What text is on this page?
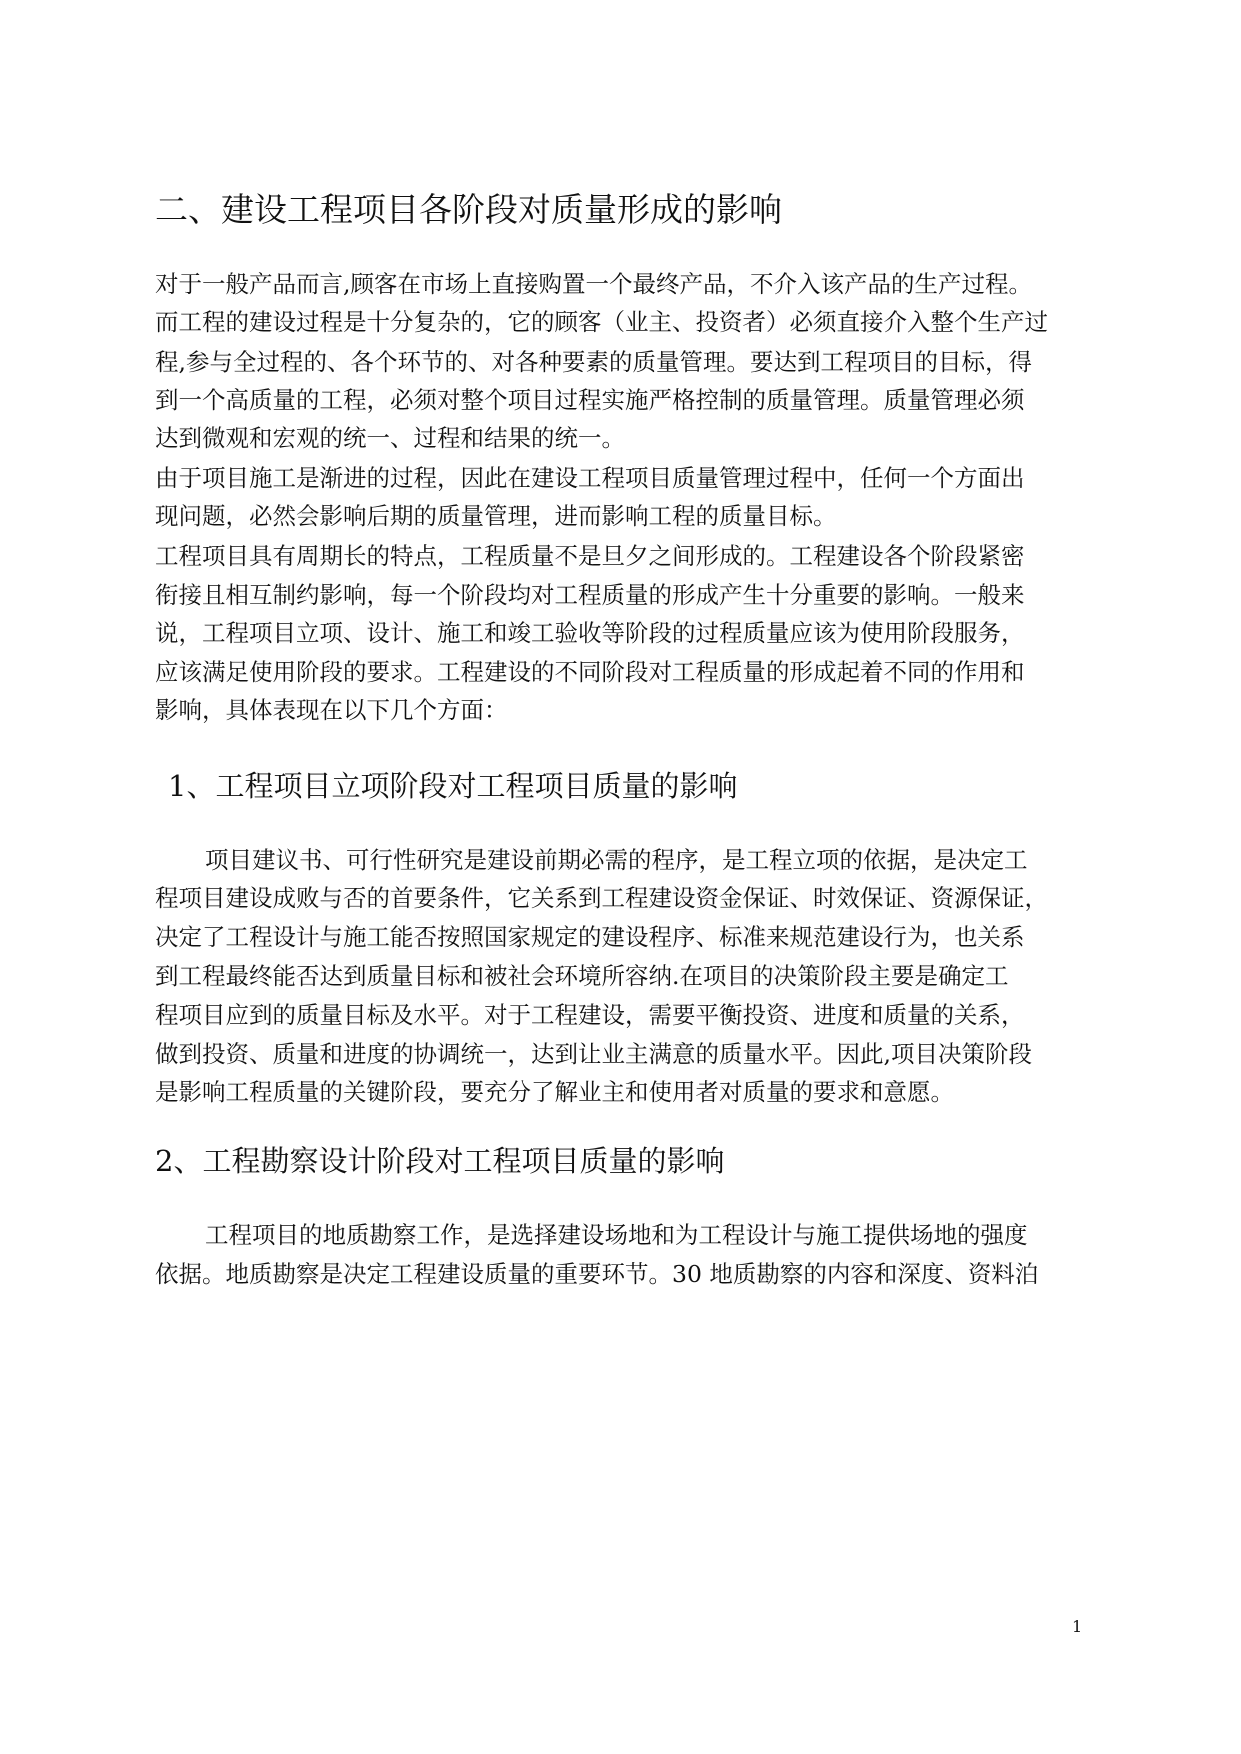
二、建设工程项目各阶段对质量形成的影响

对于一般产品而言,顾客在市场上直接购置一个最终产品，不介入该产品的生产过程。

而工程的建设过程是十分复杂的，它的顾客（业主、投资者）必须直接介入整个生产过

程,参与全过程的、各个环节的、对各种要素的质量管理。要达到工程项目的目标，得

到一个高质量的工程，必须对整个项目过程实施严格控制的质量管理。质量管理必须

达到微观和宏观的统一、过程和结果的统一。

由于项目施工是渐进的过程，因此在建设工程项目质量管理过程中，任何一个方面出

现问题，必然会影响后期的质量管理，进而影响工程的质量目标。

工程项目具有周期长的特点，工程质量不是旦夕之间形成的。工程建设各个阶段紧密

衔接且相互制约影响，每一个阶段均对工程质量的形成产生十分重要的影响。一般来

说，工程项目立项、设计、施工和竣工验收等阶段的过程质量应该为使用阶段服务，

应该满足使用阶段的要求。工程建设的不同阶段对工程质量的形成起着不同的作用和

影响，具体表现在以下几个方面：

1、工程项目立项阶段对工程项目质量的影响

项目建议书、可行性研究是建设前期必需的程序，是工程立项的依据，是决定工

程项目建设成败与否的首要条件，它关系到工程建设资金保证、时效保证、资源保证，

决定了工程设计与施工能否按照国家规定的建设程序、标准来规范建设行为，也关系

到工程最终能否达到质量目标和被社会环境所容纳.在项目的决策阶段主要是确定工

程项目应到的质量目标及水平。对于工程建设，需要平衡投资、进度和质量的关系，

做到投资、质量和进度的协调统一，达到让业主满意的质量水平。因此,项目决策阶段

是影响工程质量的关键阶段，要充分了解业主和使用者对质量的要求和意愿。

2、工程勘察设计阶段对工程项目质量的影响

工程项目的地质勘察工作，是选择建设场地和为工程设计与施工提供场地的强度

依据。地质勘察是决定工程建设质量的重要环节。30 地质勘察的内容和深度、资料泊

1
